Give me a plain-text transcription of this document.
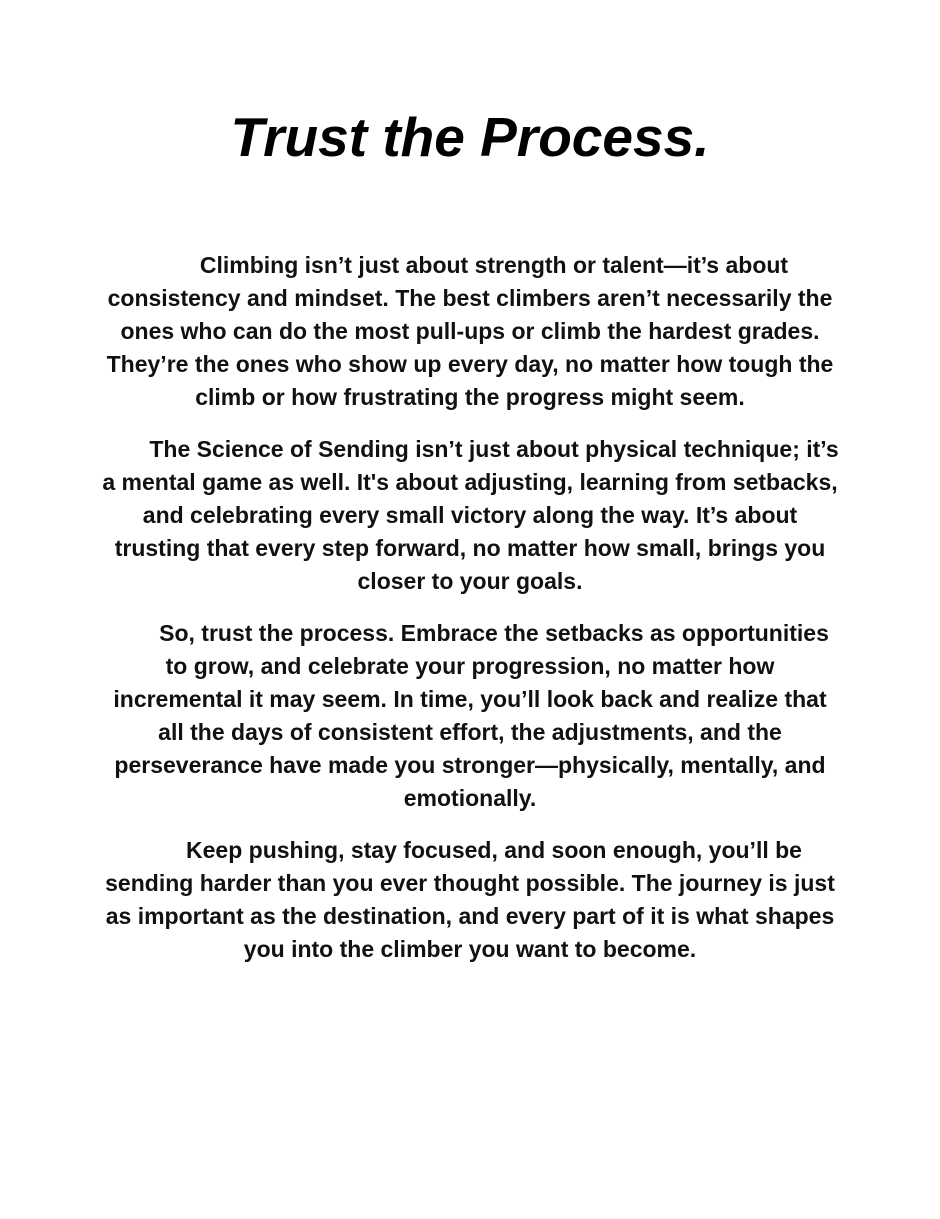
Trust the Process.

Climbing isn’t just about strength or talent—it’s about consistency and mindset. The best climbers aren’t necessarily the ones who can do the most pull-ups or climb the hardest grades. They’re the ones who show up every day, no matter how tough the climb or how frustrating the progress might seem.

The Science of Sending isn’t just about physical technique; it’s a mental game as well. It's about adjusting, learning from setbacks, and celebrating every small victory along the way. It’s about trusting that every step forward, no matter how small, brings you closer to your goals.

So, trust the process. Embrace the setbacks as opportunities to grow, and celebrate your progression, no matter how incremental it may seem. In time, you’ll look back and realize that all the days of consistent effort, the adjustments, and the perseverance have made you stronger—physically, mentally, and emotionally.

Keep pushing, stay focused, and soon enough, you’ll be sending harder than you ever thought possible. The journey is just as important as the destination, and every part of it is what shapes you into the climber you want to become.
